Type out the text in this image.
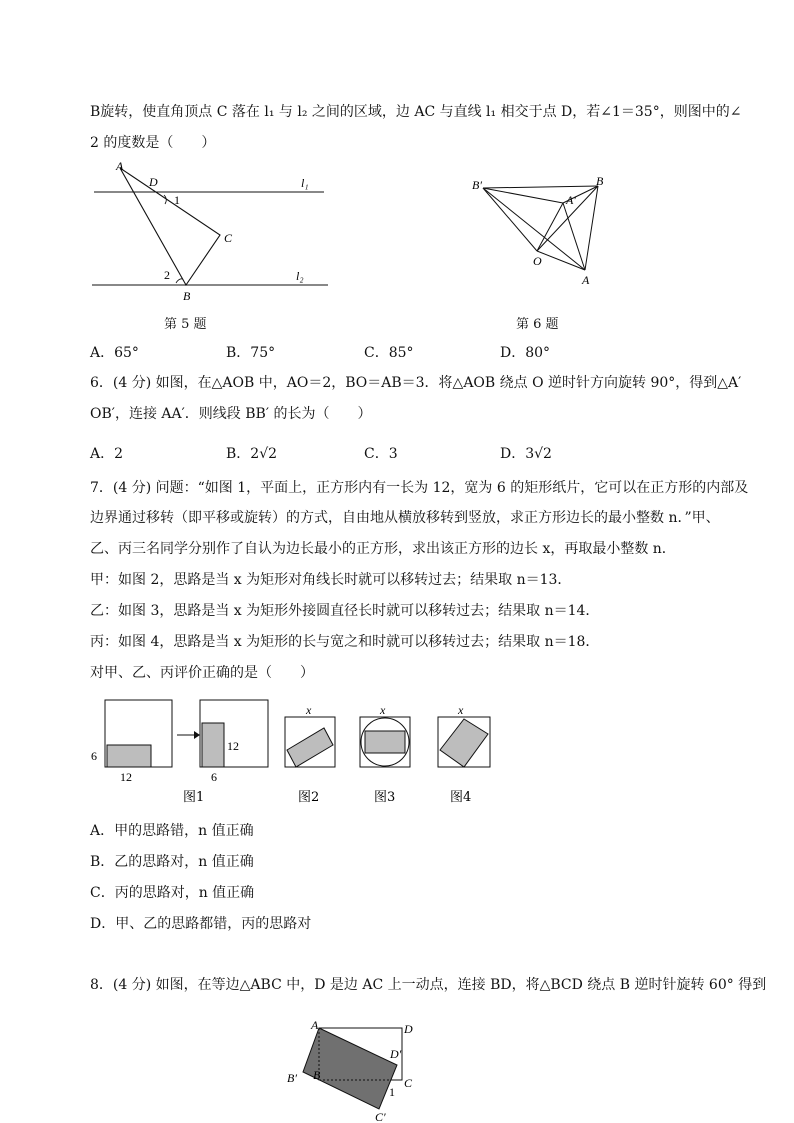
B旋转，使直角顶点 C 落在 l₁ 与 l₂ 之间的区域，边 AC 与直线 l₁ 相交于点 D，若∠1＝35°，则图中的∠
2 的度数是（　　）
A
D
1
l₁
C
2	l₂
B
B′	B
A′
O
A
第 5 题	第 6 题
A．65°	B．75°	C．85°	D．80°
6．(4 分) 如图，在△AOB 中，AO＝2，BO＝AB＝3．将△AOB 绕点 O 逆时针方向旋转 90°，得到△A′
OB′，连接 AA′．则线段 BB′ 的长为（　　）
A．2	B．2√2	C．3	D．3√2
7．(4 分) 问题：“如图 1，平面上，正方形内有一长为 12，宽为 6 的矩形纸片，它可以在正方形的内部及
边界通过移转（即平移或旋转）的方式，自由地从横放移转到竖放，求正方形边长的最小整数 n．”甲、
乙、丙三名同学分别作了自认为边长最小的正方形，求出该正方形的边长 x，再取最小整数 n．
甲：如图 2，思路是当 x 为矩形对角线长时就可以移转过去；结果取 n＝13．
乙：如图 3，思路是当 x 为矩形外接圆直径长时就可以移转过去；结果取 n＝14．
丙：如图 4，思路是当 x 为矩形的长与宽之和时就可以移转过去；结果取 n＝18．
对甲、乙、丙评价正确的是（　　）
6
12
12
6
图1
x
图2
x
图3
x
图4
A．甲的思路错，n 值正确
B．乙的思路对，n 值正确
C．丙的思路对，n 值正确
D．甲、乙的思路都错，丙的思路对
8．(4 分) 如图，在等边△ABC 中，D 是边 AC 上一动点，连接 BD，将△BCD 绕点 B 逆时针旋转 60° 得到
A	D
D′
B′ B
C
1
C′
